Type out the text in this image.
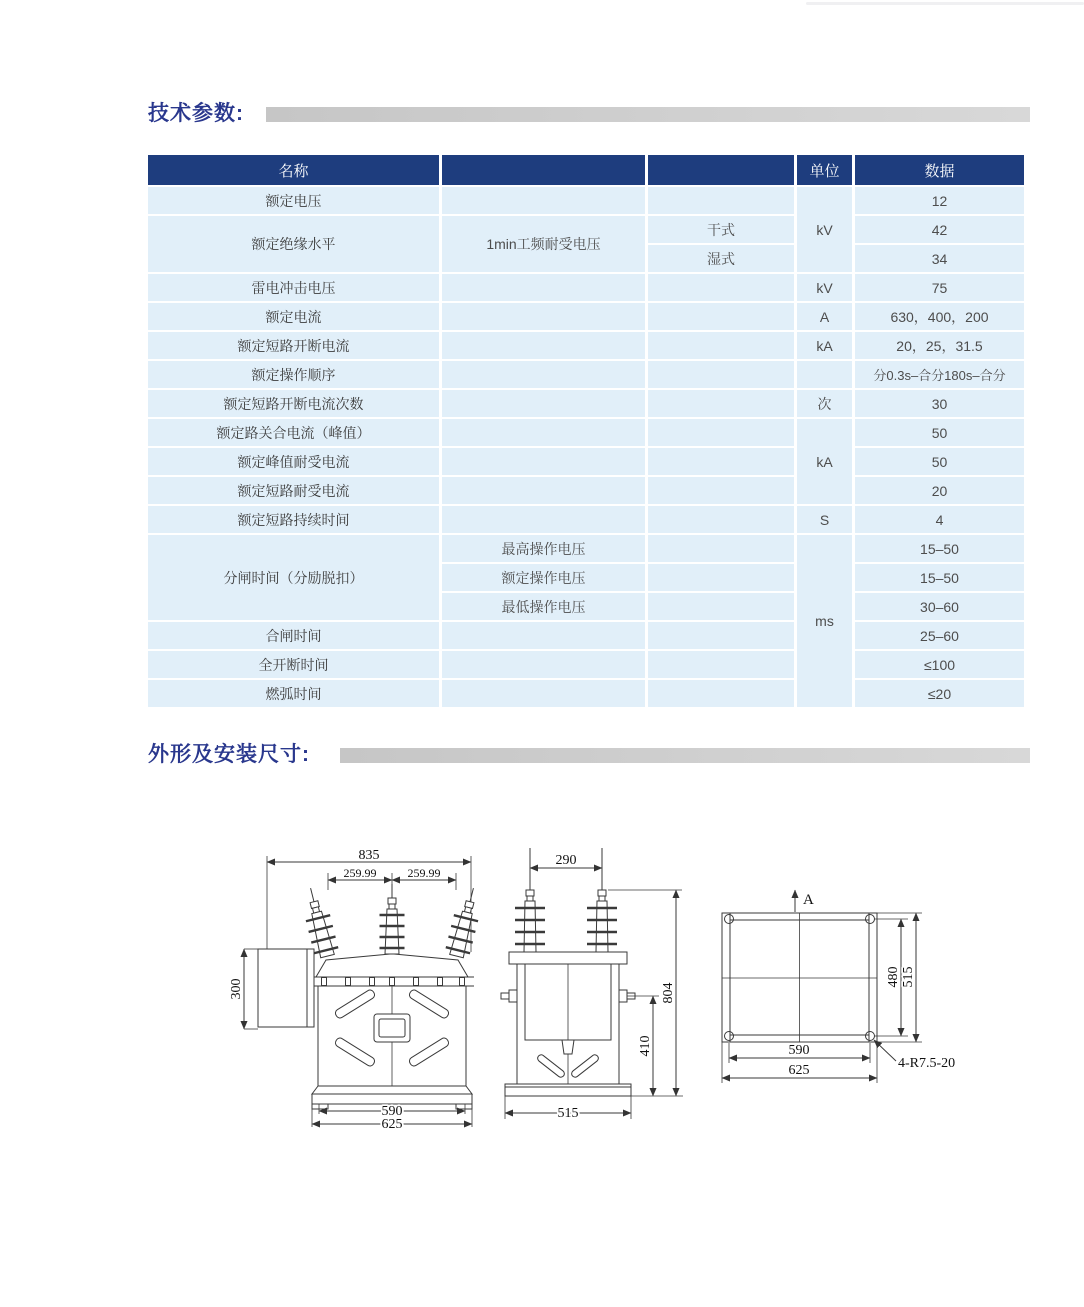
技术参数:
名称			单位	数据
额定电压			kV	12
额定绝缘水平	1min工频耐受电压	干式		42
		湿式		34
雷电冲击电压			kV	75
额定电流			A	630，400，200
额定短路开断电流			kA	20，25，31.5
额定操作顺序				分0.3s–合分180s–合分
额定短路开断电流次数			次	30
额定路关合电流（峰值）			kA	50
额定峰值耐受电流				50
额定短路耐受电流				20
额定短路持续时间			S	4
分闸时间（分励脱扣）	最高操作电压		ms	15–50
	额定操作电压			15–50
	最低操作电压			30–60
合闸时间				25–60
全开断时间				≤100
燃弧时间				≤20
外形及安装尺寸:
835
259.99	259.99
300
590
625
290
410
804
515
A
480 515
590
625	4-R7.5-20
